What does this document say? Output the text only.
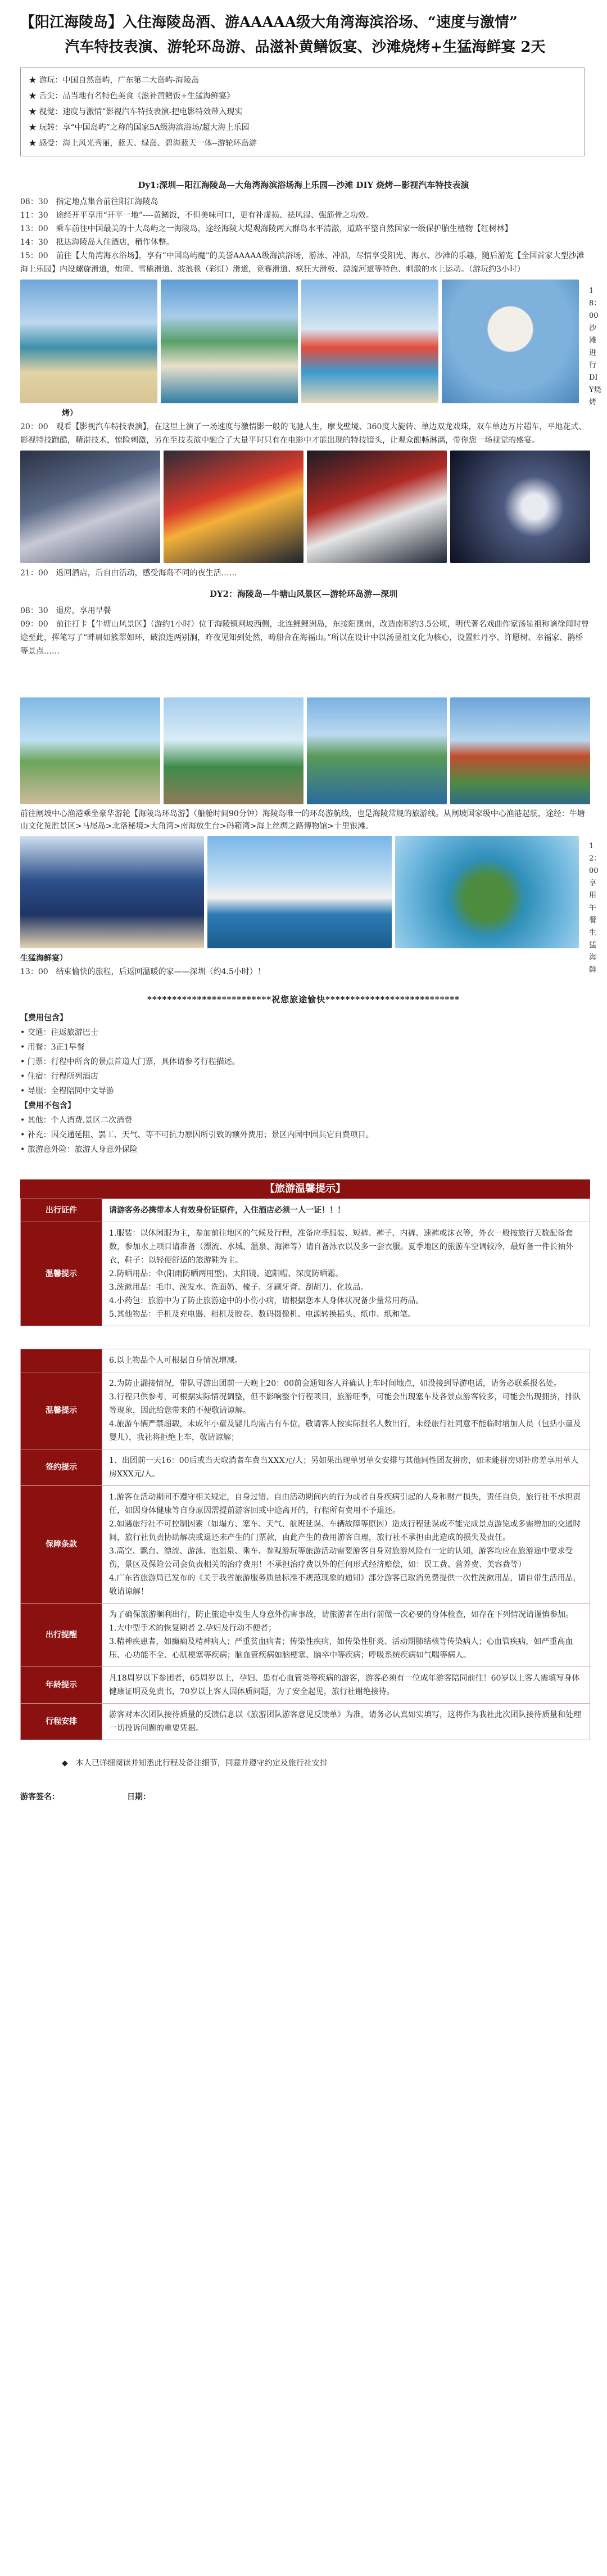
【阳江海陵岛】入住海陵岛酒、游AAAAA级大角湾海滨浴场、“速度与激情”
汽车特技表演、游轮环岛游、品滋补黄鳝饭宴、沙滩烧烤+生猛海鲜宴 2天
★ 游玩：中国自然岛屿，广东第二大岛屿-海陵岛
★ 舌尖：品当地有名特色美食《滋补黄鳝饭+生猛海鲜宴》
★ 视觉：速度与激情”影视汽车特技表演-把电影特效带入现实
★ 玩转：享“中国岛屿”之称的国家5A级海滨浴场/超大海上乐园
★ 感受：海上风光秀丽，蓝天、绿岛、碧海蓝天一体--游轮环岛游
Dy1:深圳—阳江海陵岛—大角湾海滨浴场海上乐园—沙滩 DIY 烧烤—影视汽车特技表演
08：30　指定地点集合前往阳江海陵岛
11：30　途经开平享用“开平一地”----黄鳝饭，不但美味可口，更有补虚损、祛风湿、强筋骨之功效。
13：00　乘车前往中国最美的十大岛屿之一海陵岛，途经海陵大堤观海陵两大群岛水平清澈，道路平整自然国家一级保护胎生植物【红树林】
14：30　抵达海陵岛入住酒店，稍作休整。
15：00　前往【大角湾海水浴场】，享有“中国岛屿魔”的美誉AAAAA级海滨浴场，游泳、冲浪，尽情享受阳光、海水、沙滩的乐趣，随后游览【全国首家大型沙滩海上乐园】内设螺旋滑道，炮筒、雪橇滑道、波浪毯（彩虹）滑道，竞赛滑道、疯狂大滑板、漂流河道等特色、刺激的水上运动。（游玩约3小时）
18：00　沙滩进行DIY烧烤
烤）
20：00　观看【影视汽车特技表演】，在这里上演了一场速度与激情影一般的飞驰人生，摩戈壁境、360度大旋转、单边双龙戏珠，双车单边万片超车，平地花式、影视特技跑酷，精湛技术，惊险刺激，另在至技表演中融合了大量平时只有在电影中才能出现的特技镜头，让观众酣畅淋漓，带你您一场视觉的盛宴。
21：00　返回酒店，后自由活动，感受海岛不同的夜生活……
DY2：海陵岛—牛塘山风景区—游轮环岛游—深圳
08：30　退房，享用早餐
09：00　前往打卡【牛塘山风景区】（游约1小时）位于海陵镇闸坡西侧，北连鲤鲤洲岛，东接阳澳南，改造南积约3.5公顷，明代著名戏曲作家汤显祖称谪徐闻时曾途至此，挥笔写了“畔眉如簇翠如环，破浪连两别涧，昨夜见知到处然，畴船合在海福山。”所以在设计中以汤显祖文化为核心，设置牡丹亭、许愿树、幸福家、鹊桥等景点……
前往闸坡中心渔港乘坐豪华游轮【海陵岛环岛游】（船舱时间90分钟）海陵岛唯一的环岛游航线，也是海陵常规的旅游线。从闸坡国家级中心渔港起航，途经：牛塘山文化览胜景区>马尾岛>北洛秘境>大角湾>南海放生台>码箱湾>海上丝绸之路博物馆>十里银滩。
12：00　享用午餐生猛海鲜
生猛海鲜宴）
13：00　结束愉快的旅程，后返回温暖的家——深圳（约4.5小时）！
*************************祝您旅途愉快***************************
【费用包含】
• 交通：往返旅游巴士
• 用餐：3正1早餐
• 门票：行程中所含的景点首道大门票，具体请参考行程描述。
• 住宿：行程所列酒店
• 导服：全程陪同中文导游
【费用不包含】
• 其他：个人消费.景区二次消费
• 补充：因交通延阻、罢工、天气、等不可抗力原因所引致的额外费用；景区内园中园其它自费项目。
• 旅游意外险：旅游人身意外保险
【旅游温馨提示】
出行证件	请游客务必携带本人有效身份证原件，入住酒店必须一人一证！！！
温馨提示	1.服装：以休闲服为主，参加前往地区的气候及行程，准备应季服装、短裤、裤子、内裤、速裤或沫衣等，外衣一般按旅行天数配备套数，参加水上项目请准备（漂流、水城、温泉、海滩等）请自备泳衣以及多一套衣服。夏季地区的旅游车空调较冷，最好备一件长袖外衣，鞋子：以轻便舒适的旅游鞋为主。
2.防晒用品：伞(阳雨防晒两用型)、太阳镜、遮阳帽、深度防晒霜。
3.洗漱用品：毛巾、洗发水、洗面奶、梳子、牙刷牙膏、刮胡刀、化妆品。
4.小药包：旅游中为了防止旅游途中的小伤小病，请根据您本人身体状况备少量常用药品。
5.其他物品：手机及充电器、相机及胶卷、数码摄像机、电源转换插头、纸巾、纸和笔。
	6.以上物品个人可根据自身情况增减。
温馨提示	2.为防止漏接情况，带队导游出团前一天晚上20：00前会通知客人并确认上车时间地点，如没接到导游电话，请务必联系报名处。
3.行程只供参考，可根据实际情况调整，但不影响整个行程项目，旅游旺季，可能会出现塞车及各景点游客较多，可能会出现拥挤，排队等现象，因此给您带来的不便敬请谅解。
4.旅游车辆严禁超载，未成年小童及婴儿均需占有车位，敬请客人按实际报名人数出行，未经旅行社同意不能临时增加人员（包括小童及婴儿），我社将拒绝上车，敬请谅解；
签约提示	1、出团前一天16：00后或当天取消者车费当XXX元/人；另如果出现单男单女安排与其他同性团友拼房，如未能拼房则补房差享用单人房XXX元/人。
保障条款	1.游客在活动期间不遵守相关规定，自身过错、自由活动期间内的行为或者自身疾病引起的人身和财产损失，责任自负，旅行社不承担责任，如因身体健康等自身原因需提前游客回或中途离开的，行程所有费用不予退还。
2.如遇旅行社不可控制因素（如塌方、塞车、天气、航班延误、车辆故障等原因）造成行程延误或不能完成景点游览或多需增加的交通时间，旅行社负责协助解决或退还未产生的门票款，由此产生的费用游客自理，旅行社不承担由此造成的损失及责任。
3.高空、飘台、漂流、游泳、泡温泉、乘车、参观游玩等旅游活动需要游客自身对旅游风险有一定的认知，游客均应在旅游途中要求受伤，景区及保险公司会负责相关的治疗费用！不承担治疗费以外的任何形式经济赔偿，如：误工费、营养费、美容费等）
4.广东省旅游局已发布的《关于我省旅游服务质量标准不规范现象的通知》部分游客已取消免费提供一次性洗漱用品，请自带生活用品，敬请谅解！
出行提醒	为了确保旅游顺利出行，防止旅途中发生人身意外伤害事故，请旅游者在出行前做一次必要的身体检查，如存在下列情况请谨慎参加。
1.大中型手术的恢复期者 2.孕妇及行动不便者；
3.精神疾患者，如癫痫及精神病人；严重贫血病者；传染性疾病，如传染性肝炎、活动期肺结核等传染病人；心血管疾病，如严重高血压、心功能不全、心肌梗塞等疾病；脑血管疾病如脑梗塞、脑卒中等疾病；呼吸系统疾病如气喘等病人。
年龄提示	凡18周岁以下参团者，65周岁以上，孕妇、患有心血管类等疾病的游客，游客必须有一位成年游客陪同前往！60岁以上客人需填写身体健康证明及免责书，70岁以上客人因体质问题，为了安全起见，旅行社谢绝接待。
行程安排	游客对本次团队接待质量的反馈信息以《旅游团队游客意见反馈单》为准，请务必认真如实填写，这将作为我社此次团队接待质量和处理一切投诉问题的重要凭据。
◆　本人已详细阅读并知悉此行程及备注细节，同意并遵守约定及旅行社安排
游客签名：	日期：
